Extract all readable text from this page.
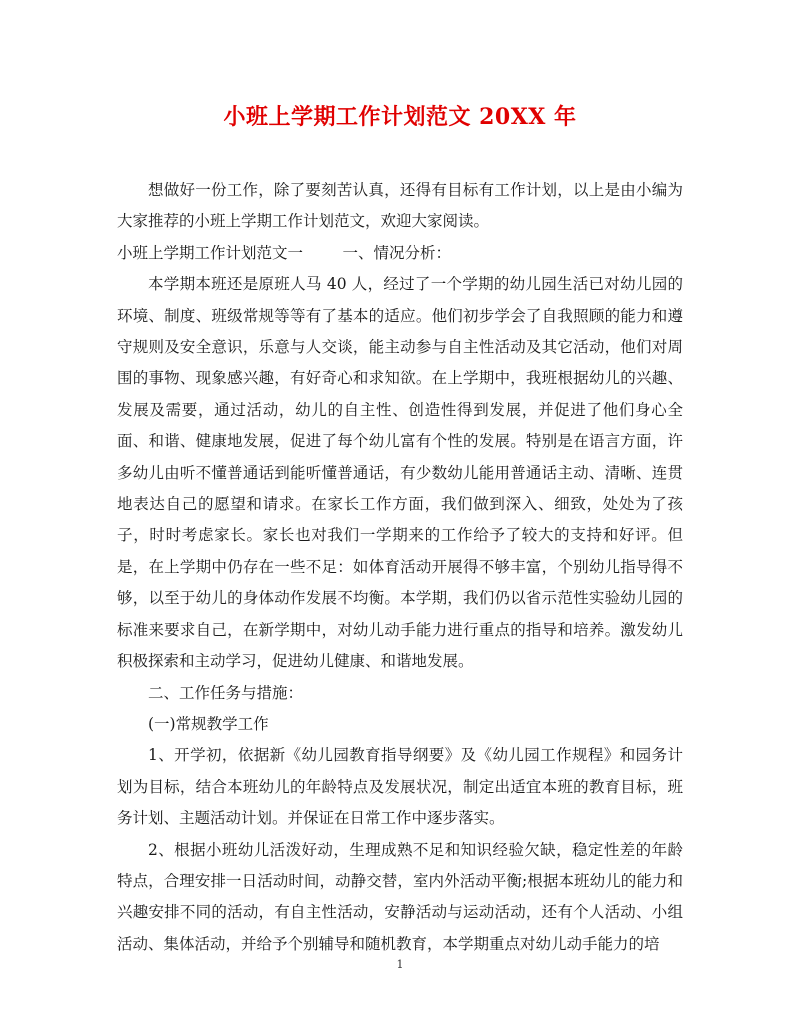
小班上学期工作计划范文 20XX 年

想做好一份工作，除了要刻苦认真，还得有目标有工作计划，以上是由小编为大家推荐的小班上学期工作计划范文，欢迎大家阅读。

小班上学期工作计划范文一	一、情况分析：

本学期本班还是原班人马 40 人，经过了一个学期的幼儿园生活已对幼儿园的环境、制度、班级常规等等有了基本的适应。他们初步学会了自我照顾的能力和遵守规则及安全意识，乐意与人交谈，能主动参与自主性活动及其它活动，他们对周围的事物、现象感兴趣，有好奇心和求知欲。在上学期中，我班根据幼儿的兴趣、发展及需要，通过活动，幼儿的自主性、创造性得到发展，并促进了他们身心全面、和谐、健康地发展，促进了每个幼儿富有个性的发展。特别是在语言方面，许多幼儿由听不懂普通话到能听懂普通话，有少数幼儿能用普通话主动、清晰、连贯地表达自己的愿望和请求。在家长工作方面，我们做到深入、细致，处处为了孩子，时时考虑家长。家长也对我们一学期来的工作给予了较大的支持和好评。但是，在上学期中仍存在一些不足：如体育活动开展得不够丰富，个别幼儿指导得不够，以至于幼儿的身体动作发展不均衡。本学期，我们仍以省示范性实验幼儿园的标准来要求自己，在新学期中，对幼儿动手能力进行重点的指导和培养。激发幼儿积极探索和主动学习，促进幼儿健康、和谐地发展。

二、工作任务与措施：

(一)常规教学工作

1、开学初，依据新《幼儿园教育指导纲要》及《幼儿园工作规程》和园务计划为目标，结合本班幼儿的年龄特点及发展状况，制定出适宜本班的教育目标，班务计划、主题活动计划。并保证在日常工作中逐步落实。

2、根据小班幼儿活泼好动，生理成熟不足和知识经验欠缺，稳定性差的年龄特点，合理安排一日活动时间，动静交替，室内外活动平衡;根据本班幼儿的能力和兴趣安排不同的活动，有自主性活动，安静活动与运动活动，还有个人活动、小组活动、集体活动，并给予个别辅导和随机教育，本学期重点对幼儿动手能力的培

1
